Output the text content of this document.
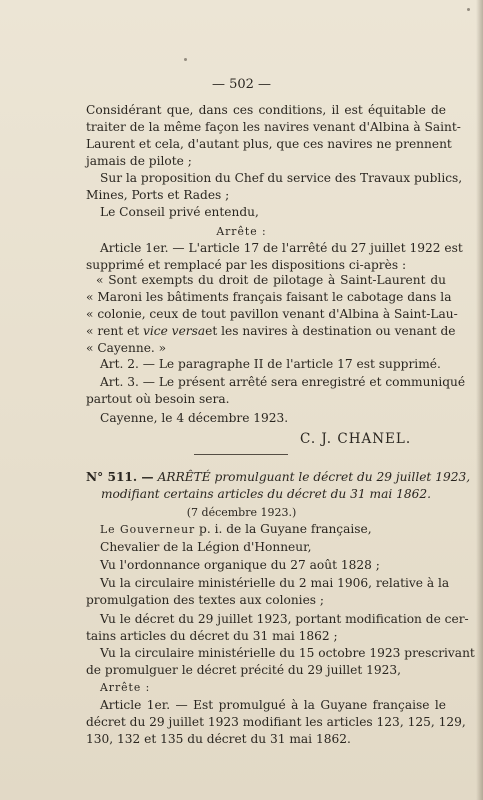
— 502 —
Considérant que, dans ces conditions, il est équitable de
traiter de la même façon les navires venant d'Albina à Saint-
Laurent et cela, d'autant plus, que ces navires ne prennent
jamais de pilote ;
Sur la proposition du Chef du service des Travaux publics,
Mines, Ports et Rades ;
Le Conseil privé entendu,
Arrête :
Article 1er. — L'article 17 de l'arrêté du 27 juillet 1922 est
supprimé et remplacé par les dispositions ci-après :
« Sont exempts du droit de pilotage à Saint-Laurent du
« Maroni les bâtiments français faisant le cabotage dans la
« colonie, ceux de tout pavillon venant d'Albina à Saint-Lau-
« rent et vice versa et les navires à destination ou venant de
« Cayenne. »
Art. 2. — Le paragraphe II de l'article 17 est supprimé.
Art. 3. — Le présent arrêté sera enregistré et communiqué
partout où besoin sera.
Cayenne, le 4 décembre 1923.
C. J. CHANEL.
N° 511. — ARRÊTÉ promulguant le décret du 29 juillet 1923,
modifiant certains articles du décret du 31 mai 1862.
(7 décembre 1923.)
Le Gouverneur p. i. de la Guyane française,
Chevalier de la Légion d'Honneur,
Vu l'ordonnance organique du 27 août 1828 ;
Vu la circulaire ministérielle du 2 mai 1906, relative à la
promulgation des textes aux colonies ;
Vu le décret du 29 juillet 1923, portant modification de cer-
tains articles du décret du 31 mai 1862 ;
Vu la circulaire ministérielle du 15 octobre 1923 prescrivant
de promulguer le décret précité du 29 juillet 1923,
Arrête :
Article 1er. — Est promulgué à la Guyane française le
décret du 29 juillet 1923 modifiant les articles 123, 125, 129,
130, 132 et 135 du décret du 31 mai 1862.
